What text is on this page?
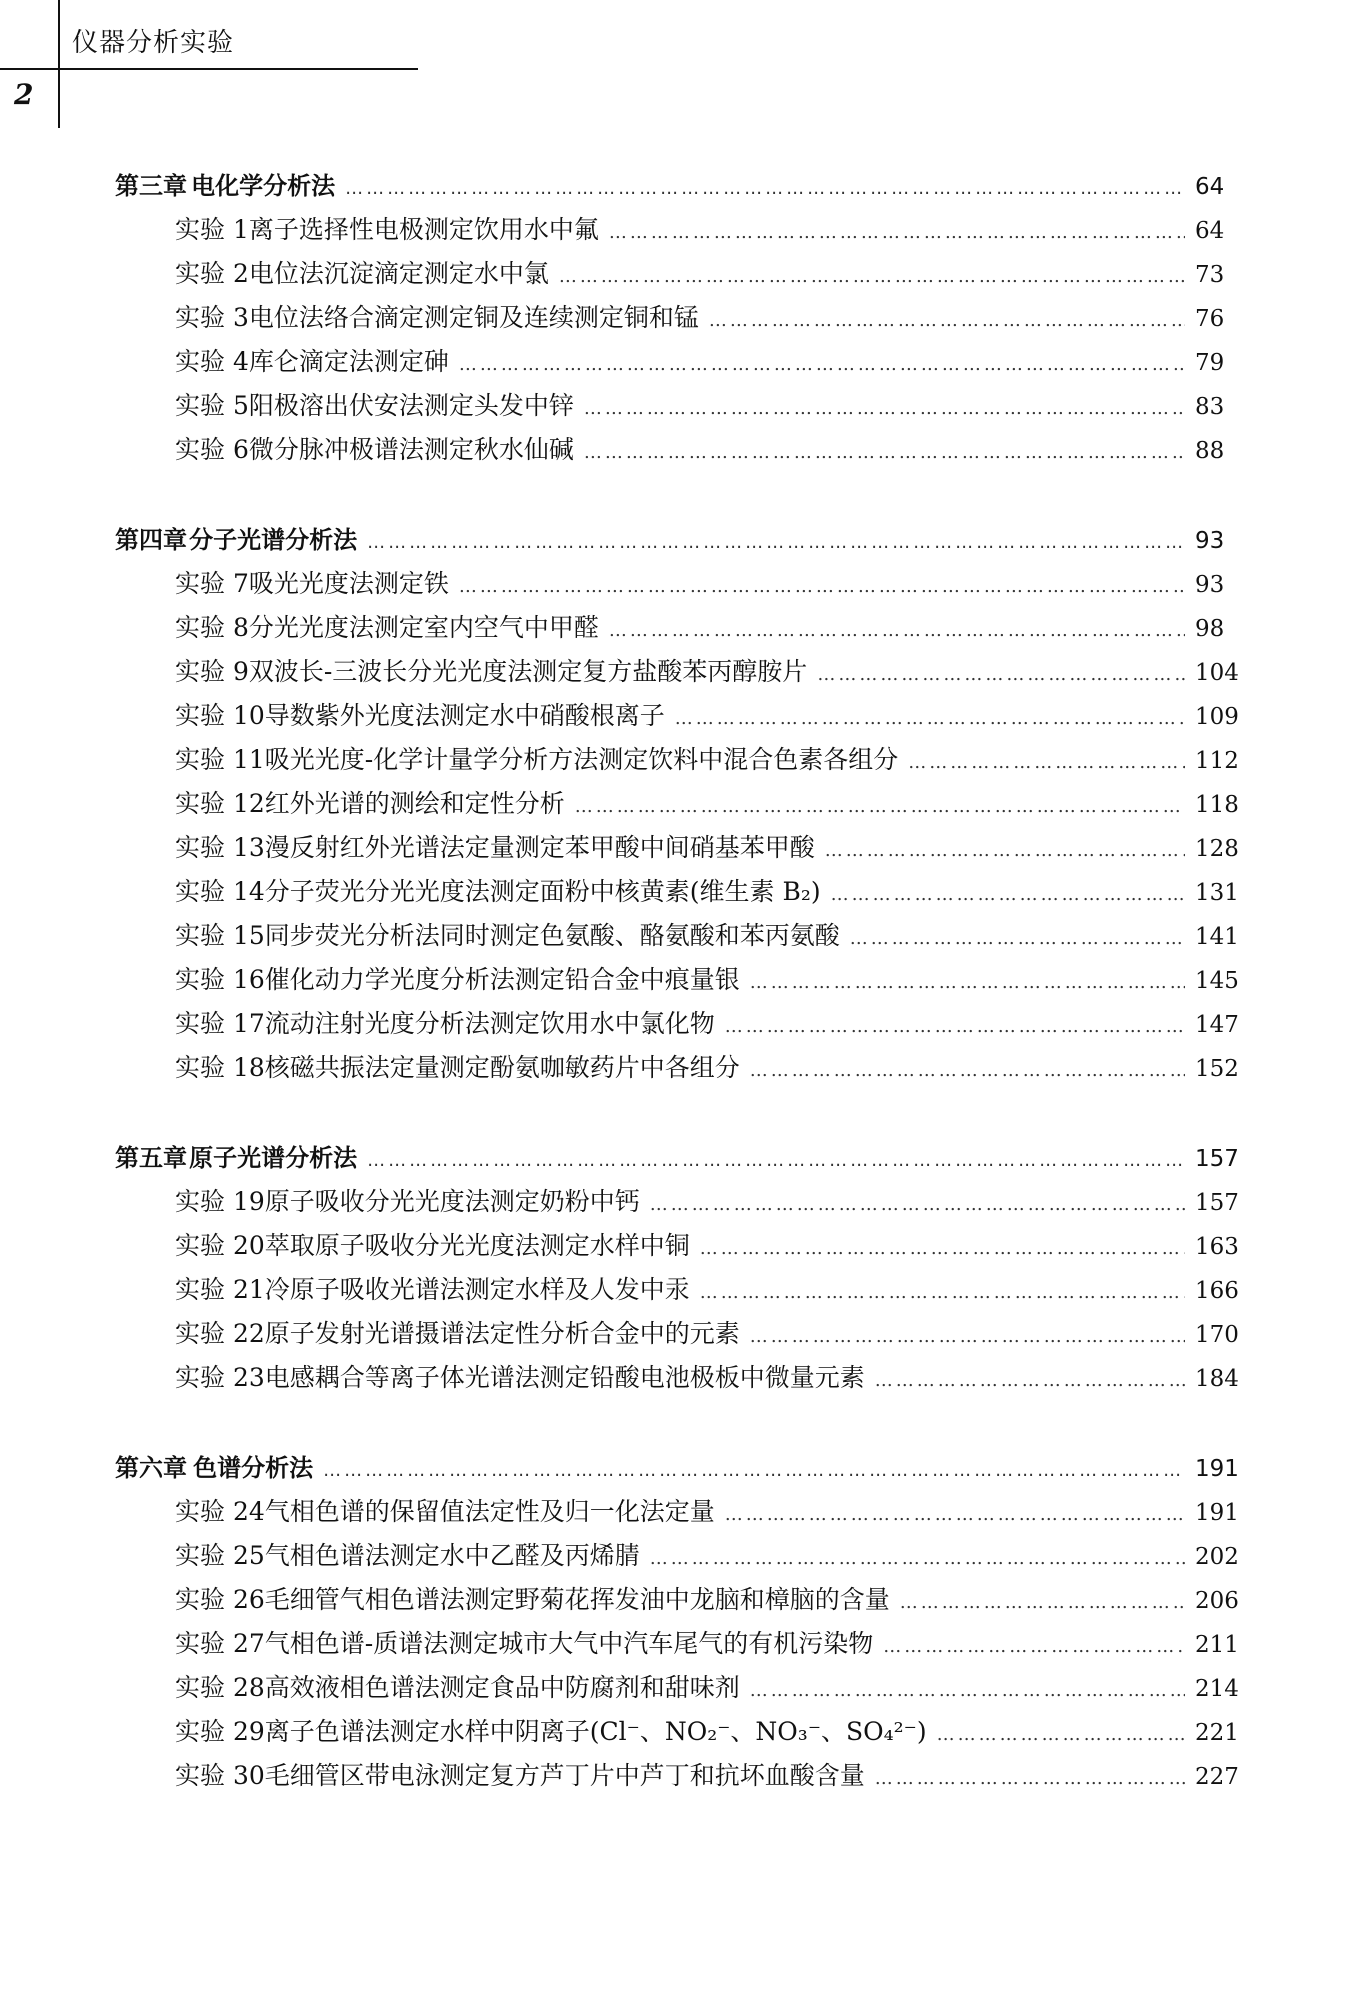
仪器分析实验
2
第三章 电化学分析法 ……………………………………………………………………………………………………………………………………………………………………	64
实验 1 离子选择性电极测定饮用水中氟 ……………………………………………………………………………………………………………………………………………………………………	64
实验 2 电位法沉淀滴定测定水中氯 ……………………………………………………………………………………………………………………………………………………………………	73
实验 3 电位法络合滴定测定铜及连续测定铜和锰 ……………………………………………………………………………………………………………………………………………………………………	76
实验 4 库仑滴定法测定砷 ……………………………………………………………………………………………………………………………………………………………………	79
实验 5 阳极溶出伏安法测定头发中锌 ……………………………………………………………………………………………………………………………………………………………………	83
实验 6 微分脉冲极谱法测定秋水仙碱 ……………………………………………………………………………………………………………………………………………………………………	88
第四章 分子光谱分析法 ……………………………………………………………………………………………………………………………………………………………………	93
实验 7 吸光光度法测定铁 ……………………………………………………………………………………………………………………………………………………………………	93
实验 8 分光光度法测定室内空气中甲醛 ……………………………………………………………………………………………………………………………………………………………………	98
实验 9 双波长-三波长分光光度法测定复方盐酸苯丙醇胺片 ……………………………………………………………………………………………………………………………………………………………………	104
实验 10 导数紫外光度法测定水中硝酸根离子 ……………………………………………………………………………………………………………………………………………………………………	109
实验 11 吸光光度-化学计量学分析方法测定饮料中混合色素各组分 ……………………………………………………………………………………………………………………………………………………………………	112
实验 12 红外光谱的测绘和定性分析 ……………………………………………………………………………………………………………………………………………………………………	118
实验 13 漫反射红外光谱法定量测定苯甲酸中间硝基苯甲酸 ……………………………………………………………………………………………………………………………………………………………………	128
实验 14 分子荧光分光光度法测定面粉中核黄素(维生素 B₂) ……………………………………………………………………………………………………………………………………………………………………	131
实验 15 同步荧光分析法同时测定色氨酸、酪氨酸和苯丙氨酸 ……………………………………………………………………………………………………………………………………………………………………	141
实验 16 催化动力学光度分析法测定铅合金中痕量银 ……………………………………………………………………………………………………………………………………………………………………	145
实验 17 流动注射光度分析法测定饮用水中氯化物 ……………………………………………………………………………………………………………………………………………………………………	147
实验 18 核磁共振法定量测定酚氨咖敏药片中各组分 ……………………………………………………………………………………………………………………………………………………………………	152
第五章 原子光谱分析法 ……………………………………………………………………………………………………………………………………………………………………	157
实验 19 原子吸收分光光度法测定奶粉中钙 ……………………………………………………………………………………………………………………………………………………………………	157
实验 20 萃取原子吸收分光光度法测定水样中铜 ……………………………………………………………………………………………………………………………………………………………………	163
实验 21 冷原子吸收光谱法测定水样及人发中汞 ……………………………………………………………………………………………………………………………………………………………………	166
实验 22 原子发射光谱摄谱法定性分析合金中的元素 ……………………………………………………………………………………………………………………………………………………………………	170
实验 23 电感耦合等离子体光谱法测定铅酸电池极板中微量元素 ……………………………………………………………………………………………………………………………………………………………………	184
第六章 色谱分析法 ……………………………………………………………………………………………………………………………………………………………………	191
实验 24 气相色谱的保留值法定性及归一化法定量 ……………………………………………………………………………………………………………………………………………………………………	191
实验 25 气相色谱法测定水中乙醛及丙烯腈 ……………………………………………………………………………………………………………………………………………………………………	202
实验 26 毛细管气相色谱法测定野菊花挥发油中龙脑和樟脑的含量 ……………………………………………………………………………………………………………………………………………………………………	206
实验 27 气相色谱-质谱法测定城市大气中汽车尾气的有机污染物 ……………………………………………………………………………………………………………………………………………………………………	211
实验 28 高效液相色谱法测定食品中防腐剂和甜味剂 ……………………………………………………………………………………………………………………………………………………………………	214
实验 29 离子色谱法测定水样中阴离子(Cl⁻、NO₂⁻、NO₃⁻、SO₄²⁻) ……………………………………………………………………………………………………………………………………………………………………	221
实验 30 毛细管区带电泳测定复方芦丁片中芦丁和抗坏血酸含量 ……………………………………………………………………………………………………………………………………………………………………	227
